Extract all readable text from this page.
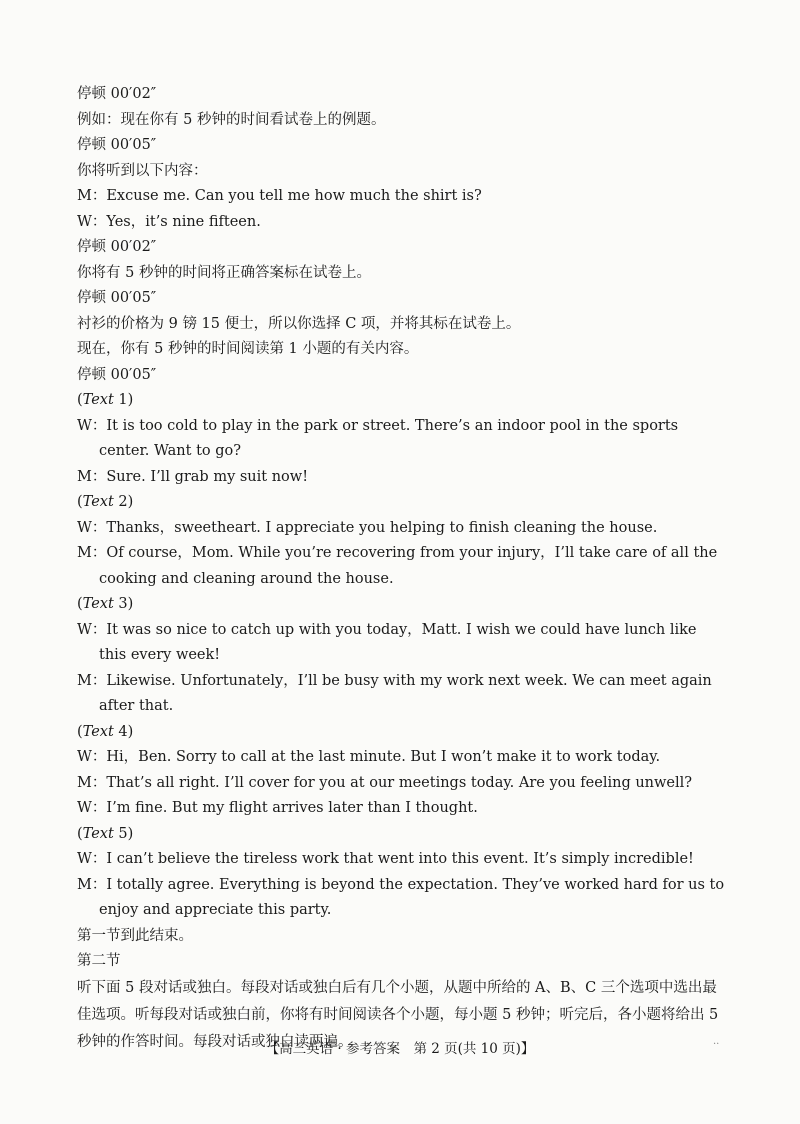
停顿 00′02″
例如：现在你有 5 秒钟的时间看试卷上的例题。
停顿 00′05″
你将听到以下内容：
M：Excuse me. Can you tell me how much the shirt is?
W：Yes，it’s nine fifteen.
停顿 00′02″
你将有 5 秒钟的时间将正确答案标在试卷上。
停顿 00′05″
衬衫的价格为 9 镑 15 便士，所以你选择 C 项，并将其标在试卷上。
现在，你有 5 秒钟的时间阅读第 1 小题的有关内容。
停顿 00′05″
(Text 1)
W：It is too cold to play in the park or street. There’s an indoor pool in the sports center. Want to go?
M：Sure. I’ll grab my suit now!
(Text 2)
W：Thanks，sweetheart. I appreciate you helping to finish cleaning the house.
M：Of course，Mom. While you’re recovering from your injury，I’ll take care of all the cooking and cleaning around the house.
(Text 3)
W：It was so nice to catch up with you today，Matt. I wish we could have lunch like this every week!
M：Likewise. Unfortunately，I’ll be busy with my work next week. We can meet again after that.
(Text 4)
W：Hi，Ben. Sorry to call at the last minute. But I won’t make it to work today.
M：That’s all right. I’ll cover for you at our meetings today. Are you feeling unwell?
W：I’m fine. But my flight arrives later than I thought.
(Text 5)
W：I can’t believe the tireless work that went into this event. It’s simply incredible!
M：I totally agree. Everything is beyond the expectation. They’ve worked hard for us to enjoy and appreciate this party.
第一节到此结束。
第二节
听下面 5 段对话或独白。每段对话或独白后有几个小题，从题中所给的 A、B、C 三个选项中选出最佳选项。听每段对话或独白前，你将有时间阅读各个小题，每小题 5 秒钟；听完后，各小题将给出 5 秒钟的作答时间。每段对话或独白读两遍。
【高三英语 · 参考答案　第 2 页(共 10 页)】	..
